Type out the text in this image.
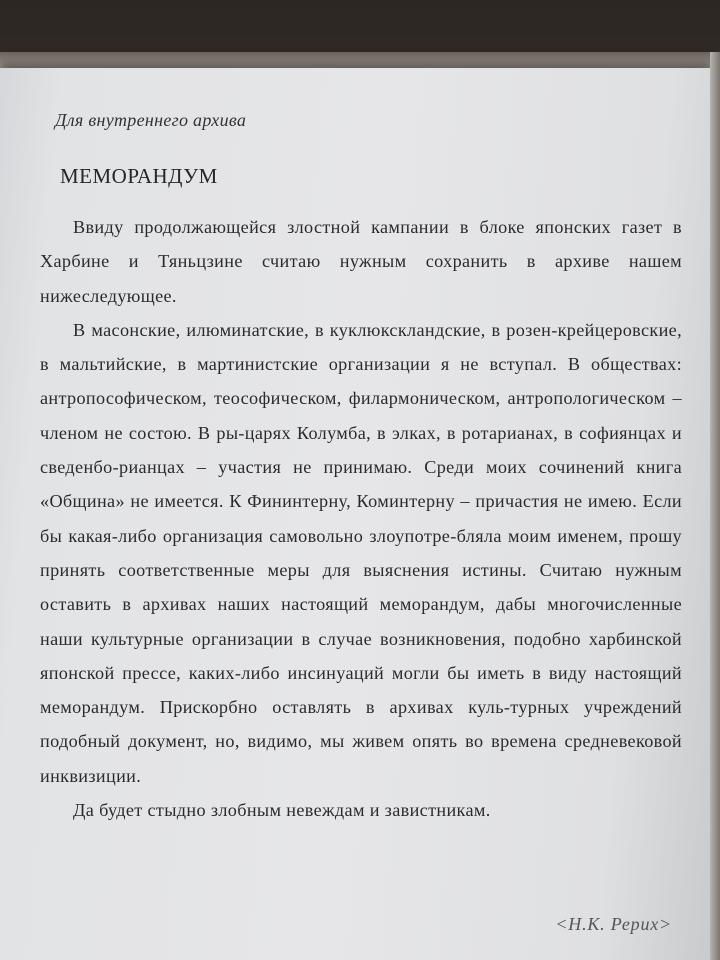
Для внутреннего архива
МЕМОРАНДУМ

Ввиду продолжающейся злостной кампании в блоке японских газет в Харбине и Тяньцзине считаю нужным сохранить в архиве нашем нижеследующее.

В масонские, илюминатские, в куклюкскландские, в розен-крейцеровские, в мальтийские, в мартинистские организации я не вступал. В обществах: антропософическом, теософическом, филармоническом, антропологическом – членом не состою. В ры-царях Колумба, в элках, в ротарианах, в софиянцах и сведенбо-рианцах – участия не принимаю. Среди моих сочинений книга «Община» не имеется. К Фининтерну, Коминтерну – причастия не имею. Если бы какая-либо организация самовольно злоупотре-бляла моим именем, прошу принять соответственные меры для выяснения истины. Считаю нужным оставить в архивах наших настоящий меморандум, дабы многочисленные наши культурные организации в случае возникновения, подобно харбинской японской прессе, каких-либо инсинуаций могли бы иметь в виду настоящий меморандум. Прискорбно оставлять в архивах куль-турных учреждений подобный документ, но, видимо, мы живем опять во времена средневековой инквизиции.

Да будет стыдно злобным невеждам и завистникам.

<Н.К. Рерих>
